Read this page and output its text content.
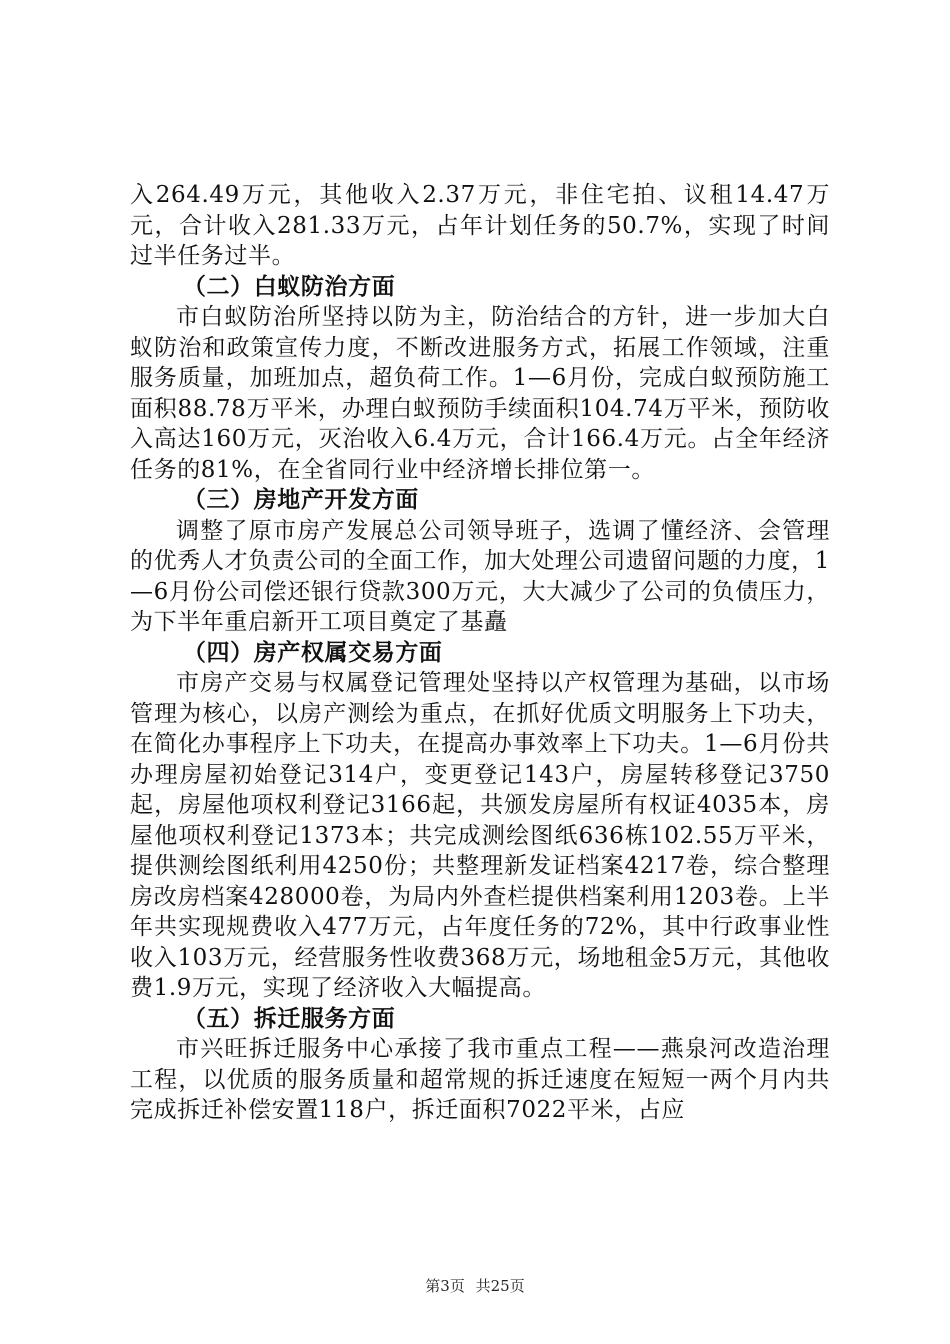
入264.49万元，其他收入2.37万元，非住宅拍、议租14.47万元，合计收入281.33万元，占年计划任务的50.7%，实现了时间过半任务过半。

（二）白蚁防治方面

市白蚁防治所坚持以防为主，防治结合的方针，进一步加大白蚁防治和政策宣传力度，不断改进服务方式，拓展工作领域，注重服务质量，加班加点，超负荷工作。1—6月份，完成白蚁预防施工面积88.78万平米，办理白蚁预防手续面积104.74万平米，预防收入高达160万元，灭治收入6.4万元，合计166.4万元。占全年经济任务的81%，在全省同行业中经济增长排位第一。

（三）房地产开发方面

调整了原市房产发展总公司领导班子，选调了懂经济、会管理的优秀人才负责公司的全面工作，加大处理公司遗留问题的力度，1—6月份公司偿还银行贷款300万元，大大减少了公司的负债压力，为下半年重启新开工项目奠定了基矗

（四）房产权属交易方面

市房产交易与权属登记管理处坚持以产权管理为基础，以市场管理为核心，以房产测绘为重点，在抓好优质文明服务上下功夫，在简化办事程序上下功夫，在提高办事效率上下功夫。1—6月份共办理房屋初始登记314户，变更登记143户，房屋转移登记3750起，房屋他项权利登记3166起，共颁发房屋所有权证4035本，房屋他项权利登记1373本；共完成测绘图纸636栋102.55万平米，提供测绘图纸利用4250份；共整理新发证档案4217卷，综合整理房改房档案428000卷，为局内外查栏提供档案利用1203卷。上半年共实现规费收入477万元，占年度任务的72%，其中行政事业性收入103万元，经营服务性收费368万元，场地租金5万元，其他收费1.9万元，实现了经济收入大幅提高。

（五）拆迁服务方面

市兴旺拆迁服务中心承接了我市重点工程——燕泉河改造治理工程，以优质的服务质量和超常规的拆迁速度在短短一两个月内共完成拆迁补偿安置118户，拆迁面积7022平米，占应

第3页 共25页
